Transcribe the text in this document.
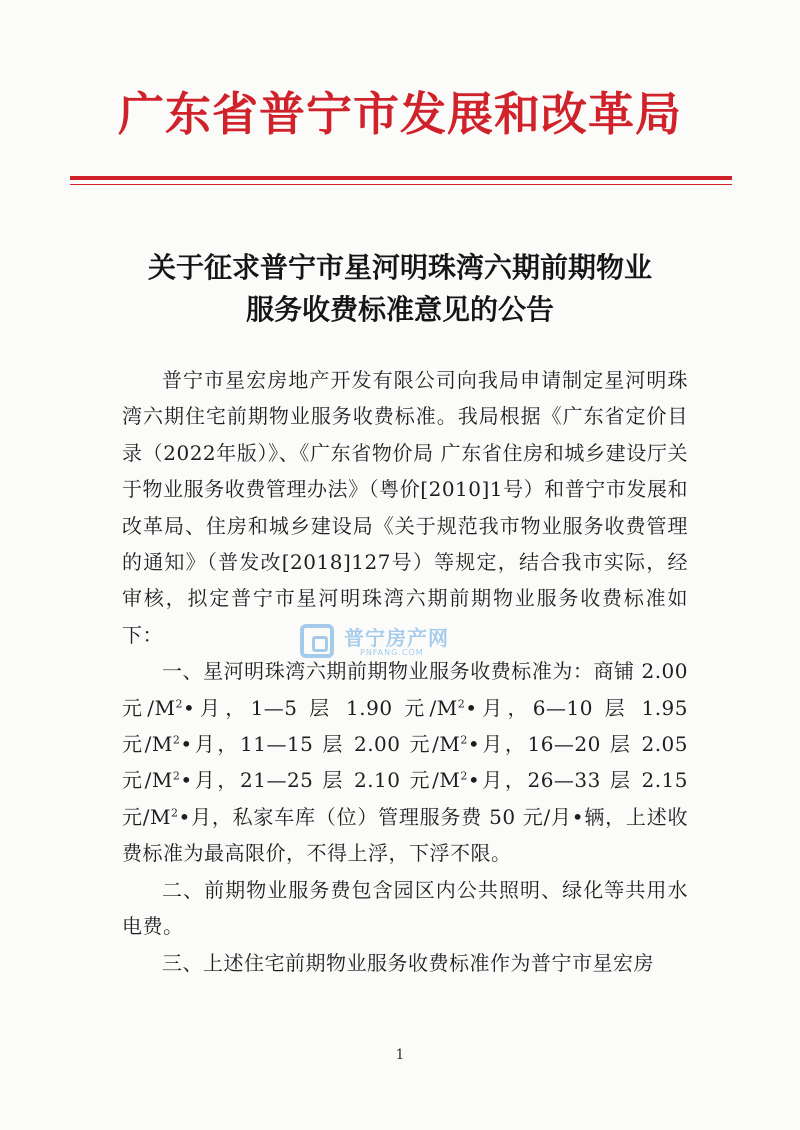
广东省普宁市发展和改革局
关于征求普宁市星河明珠湾六期前期物业
服务收费标准意见的公告

普宁市星宏房地产开发有限公司向我局申请制定星河明珠湾六期住宅前期物业服务收费标准。我局根据《广东省定价目录（2022年版）》、《广东省物价局 广东省住房和城乡建设厅关于物业服务收费管理办法》（粤价[2010]1号）和普宁市发展和改革局、住房和城乡建设局《关于规范我市物业服务收费管理的通知》（普发改[2018]127号）等规定，结合我市实际，经审核，拟定普宁市星河明珠湾六期前期物业服务收费标准如下：

一、星河明珠湾六期前期物业服务收费标准为：商铺 2.00 元$/M^2•$月，1—5 层 1.90 元$/M^2•$月，6—10 层 1.95 元$/M^2•$月，11—15 层 2.00 元$/M^2•$月，16—20 层 2.05 元$/M^2•$月，21—25 层 2.10 元$/M^2•$月，26—33 层 2.15 元$/M^2•$月，私家车库（位）管理服务费 50 元/月•辆，上述收费标准为最高限价，不得上浮，下浮不限。

二、前期物业服务费包含园区内公共照明、绿化等共用水电费。

三、上述住宅前期物业服务收费标准作为普宁市星宏房

普宁房产网
PNFANG.COM
1
